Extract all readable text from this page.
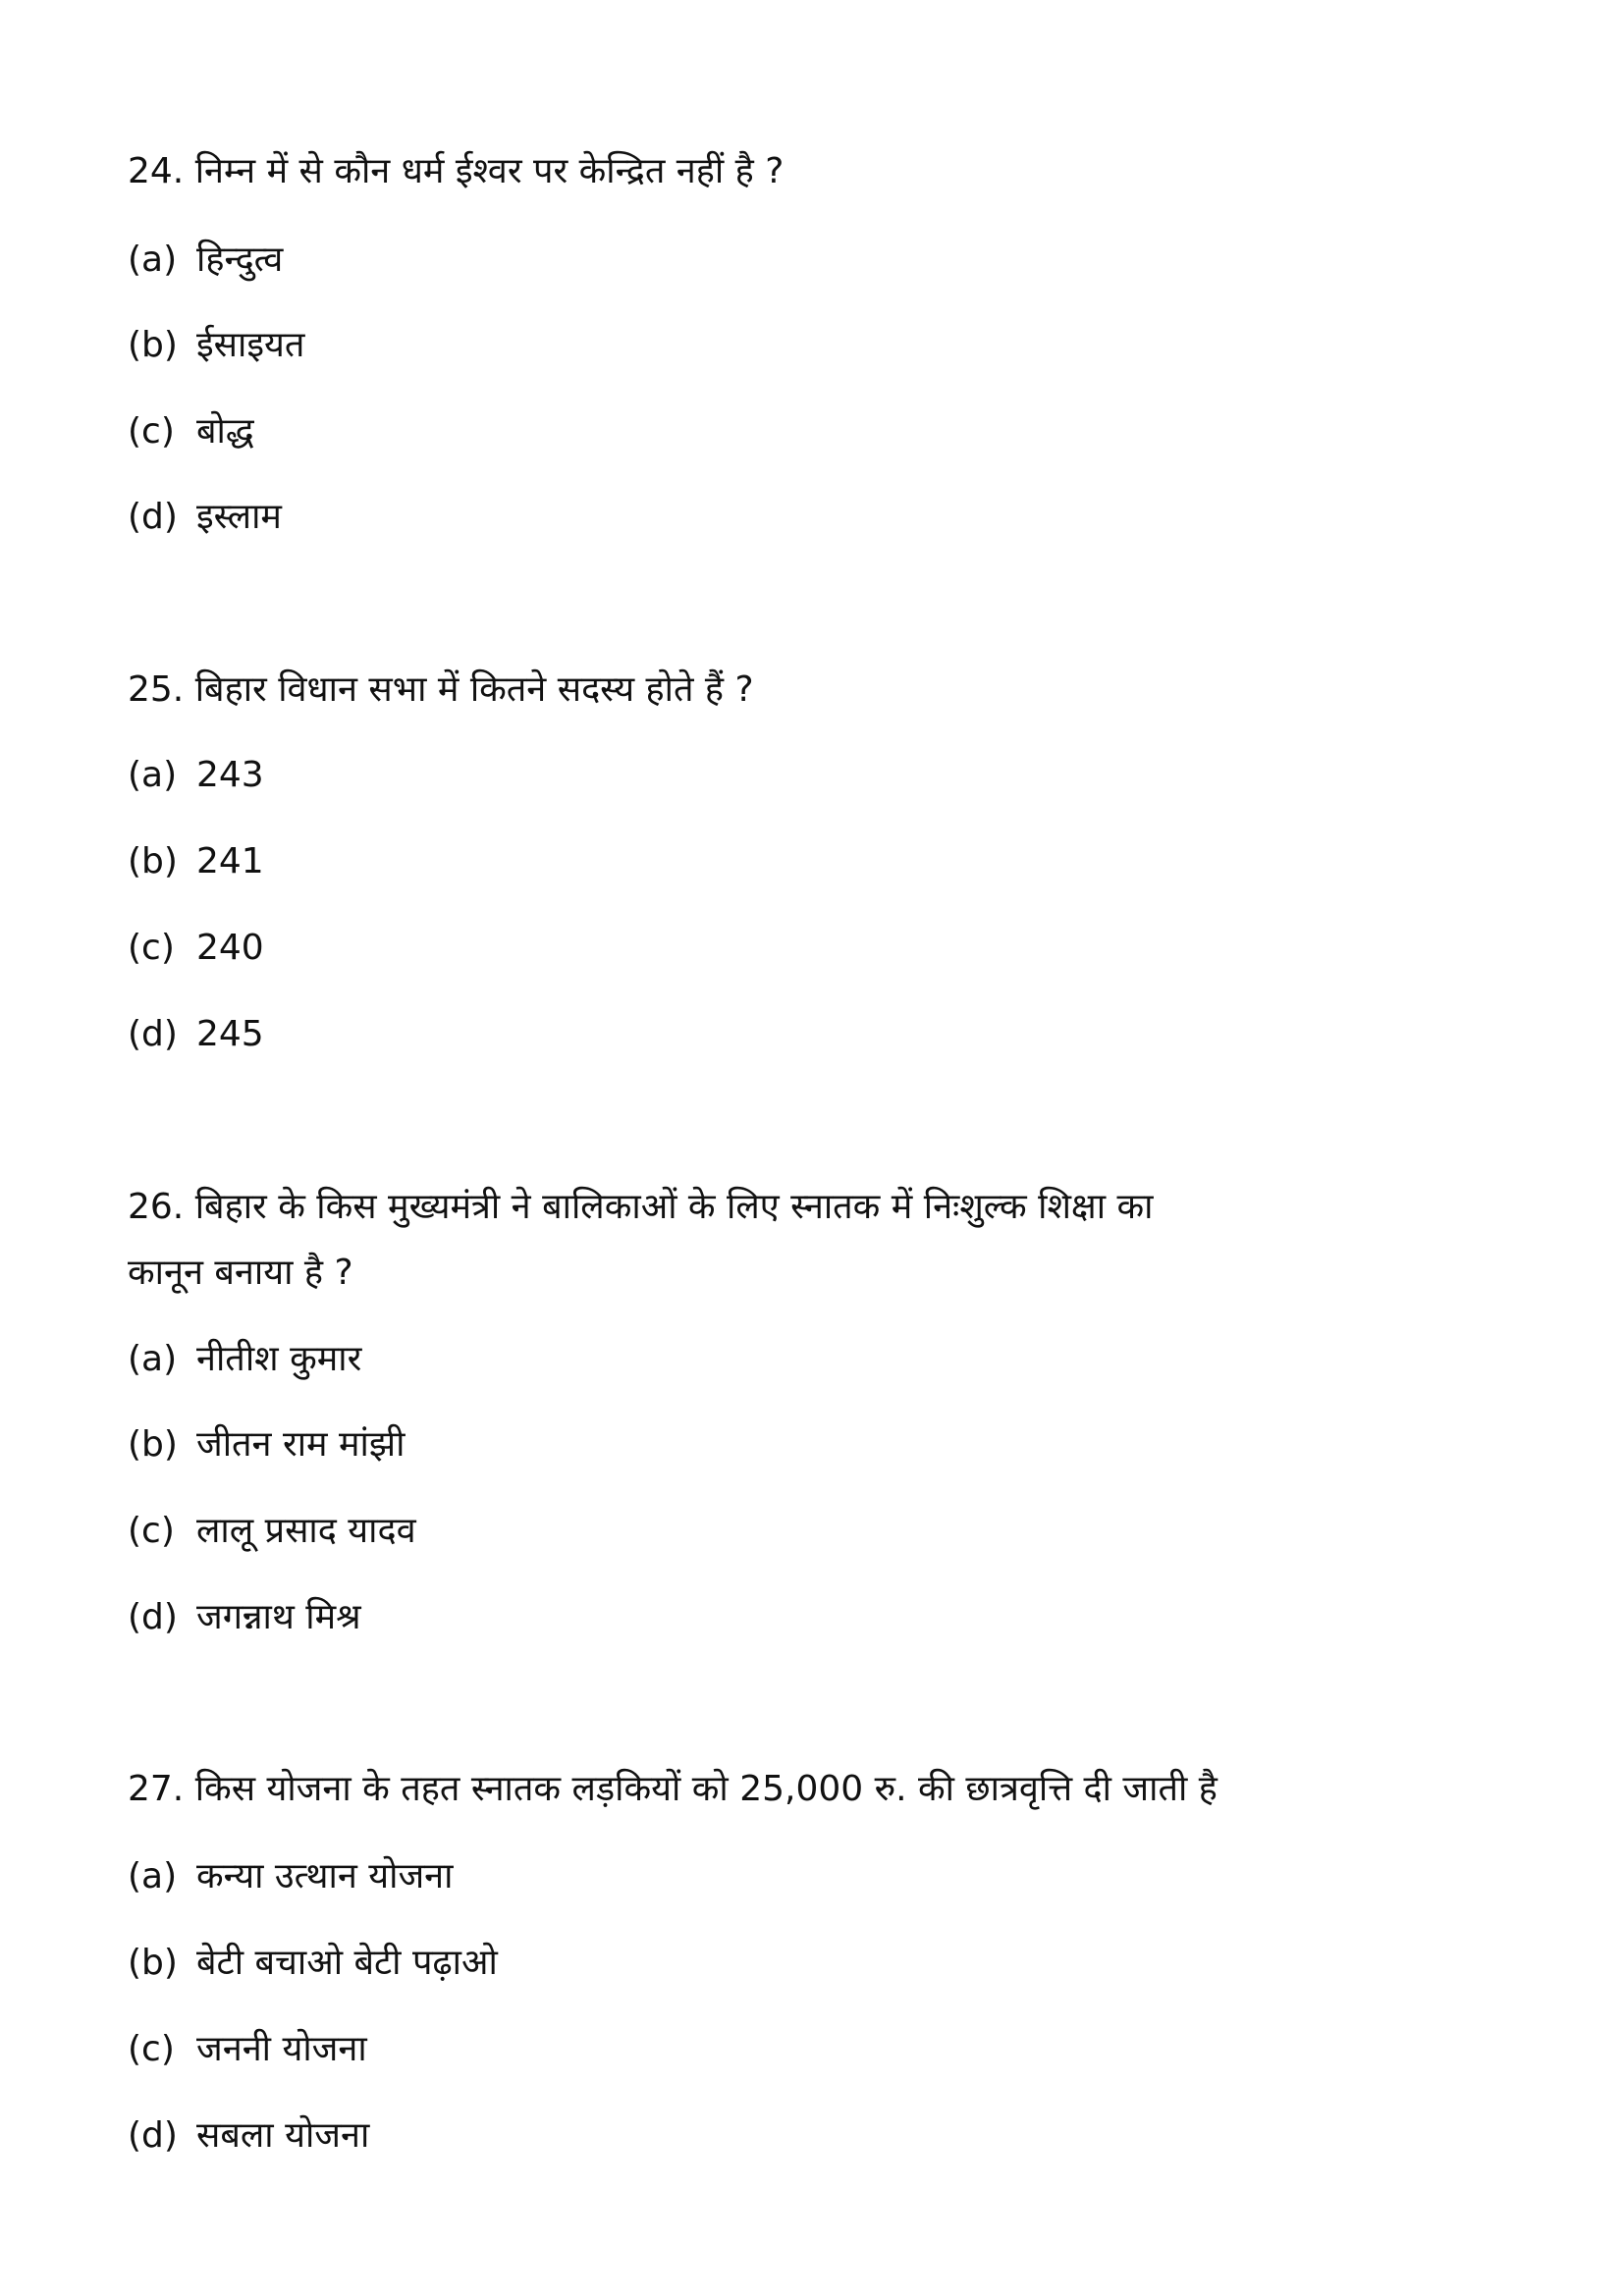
24. निम्न में से कौन धर्म ईश्वर पर केन्द्रित नहीं है ?
(a) हिन्दुत्व
(b) ईसाइयत
(c) बोद्ध
(d) इस्लाम
25. बिहार विधान सभा में कितने सदस्य होते हैं ?
(a) 243
(b) 241
(c) 240
(d) 245
26. बिहार के किस मुख्यमंत्री ने बालिकाओं के लिए स्नातक में निःशुल्क शिक्षा का
कानून बनाया है ?
(a) नीतीश कुमार
(b) जीतन राम मांझी
(c) लालू प्रसाद यादव
(d) जगन्नाथ मिश्र
27. किस योजना के तहत स्नातक लड़कियों को 25,000 रु. की छात्रवृत्ति दी जाती है
(a) कन्या उत्थान योजना
(b) बेटी बचाओ बेटी पढ़ाओ
(c) जननी योजना
(d) सबला योजना
